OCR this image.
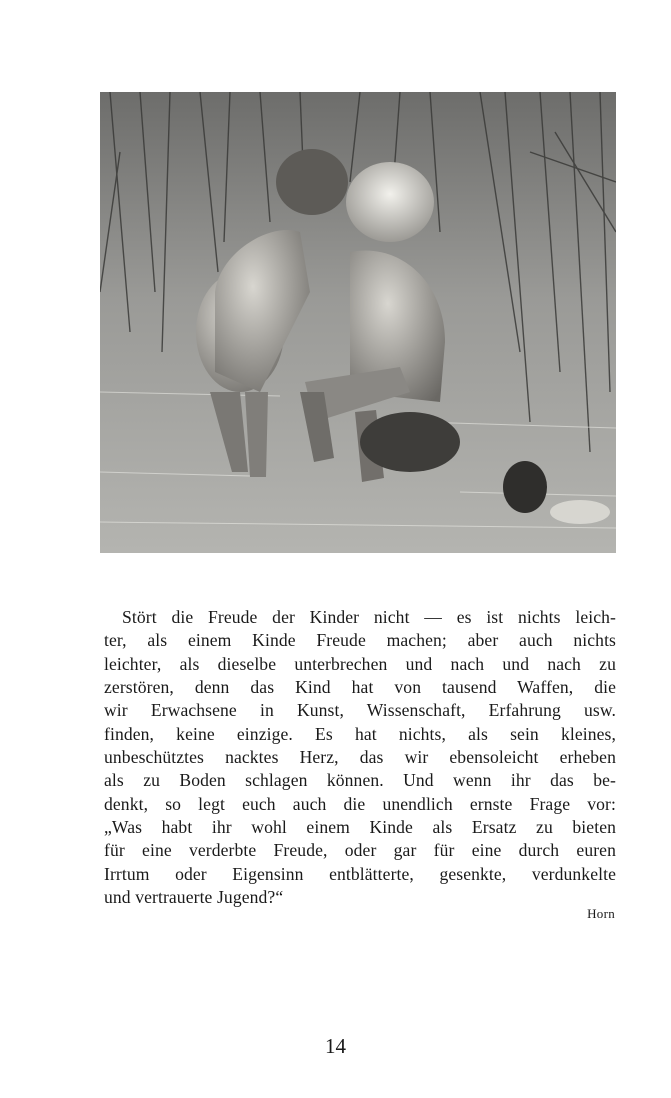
Stört die Freude der Kinder nicht — es ist nichts leich-
ter, als einem Kinde Freude machen; aber auch nichts
leichter, als dieselbe unterbrechen und nach und nach zu
zerstören, denn das Kind hat von tausend Waffen, die
wir Erwachsene in Kunst, Wissenschaft, Erfahrung usw.
finden, keine einzige. Es hat nichts, als sein kleines,
unbeschütztes nacktes Herz, das wir ebensoleicht erheben
als zu Boden schlagen können. Und wenn ihr das be-
denkt, so legt euch auch die unendlich ernste Frage vor:
„Was habt ihr wohl einem Kinde als Ersatz zu bieten
für eine verderbte Freude, oder gar für eine durch euren
Irrtum oder Eigensinn entblätterte, gesenkte, verdunkelte
und vertrauerte Jugend?“
Horn
14
